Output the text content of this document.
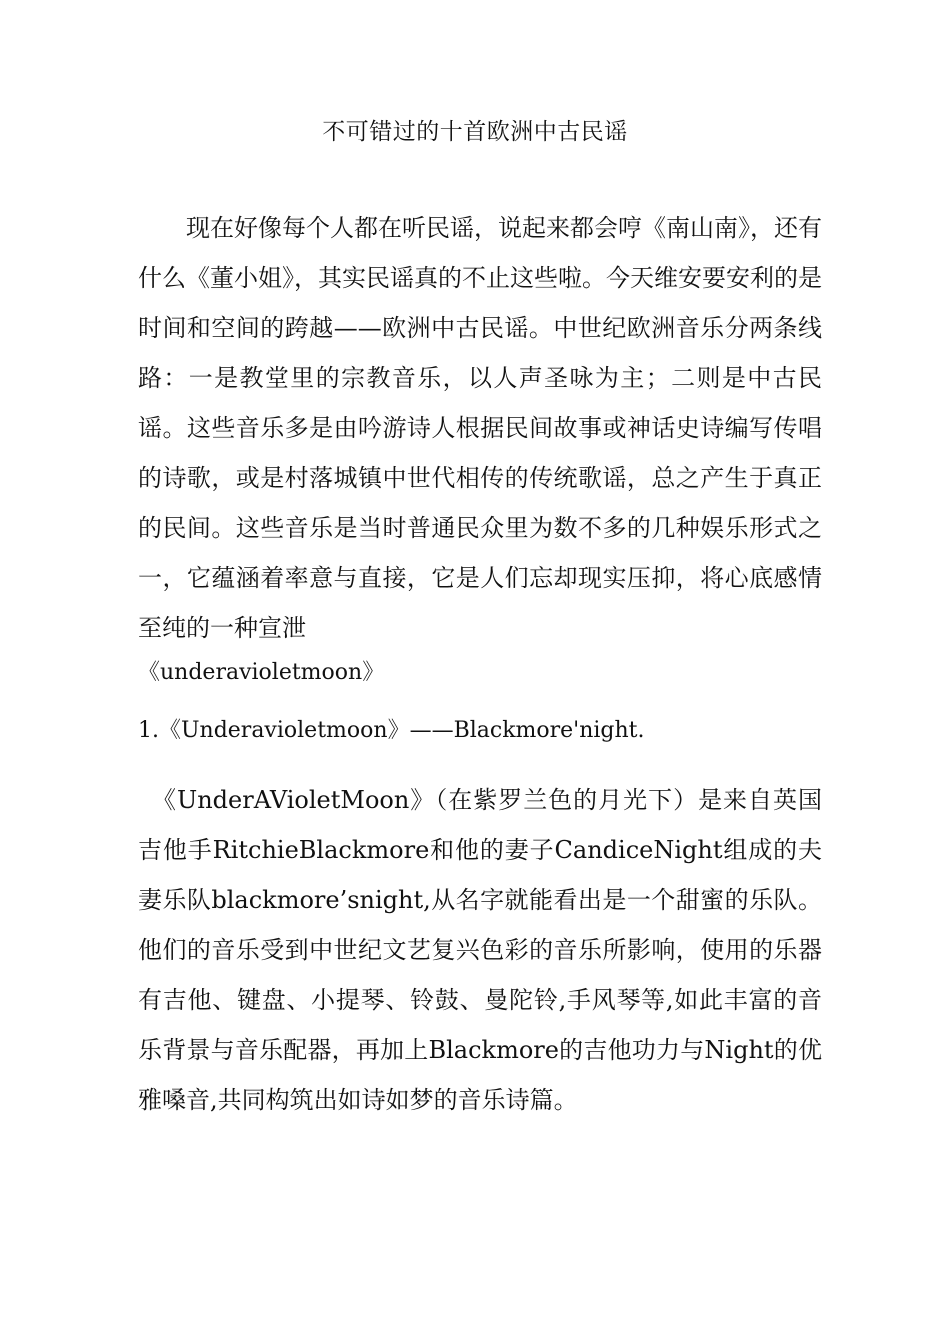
不可错过的十首欧洲中古民谣

现在好像每个人都在听民谣，说起来都会哼《南山南》，还有什么《董小姐》，其实民谣真的不止这些啦。今天维安要安利的是时间和空间的跨越——欧洲中古民谣。中世纪欧洲音乐分两条线路：一是教堂里的宗教音乐，以人声圣咏为主；二则是中古民谣。这些音乐多是由吟游诗人根据民间故事或神话史诗编写传唱的诗歌，或是村落城镇中世代相传的传统歌谣，总之产生于真正的民间。这些音乐是当时普通民众里为数不多的几种娱乐形式之一，它蕴涵着率意与直接，它是人们忘却现实压抑，将心底感情至纯的一种宣泄

《underavioletmoon》
1.《Underavioletmoon》——Blackmore'night.

《UnderAVioletMoon》（在紫罗兰色的月光下）是来自英国吉他手RitchieBlackmore和他的妻子CandiceNight组成的夫妻乐队blackmore’snight,从名字就能看出是一个甜蜜的乐队。他们的音乐受到中世纪文艺复兴色彩的音乐所影响，使用的乐器有吉他、键盘、小提琴、铃鼓、曼陀铃,手风琴等,如此丰富的音乐背景与音乐配器，再加上Blackmore的吉他功力与Night的优雅嗓音,共同构筑出如诗如梦的音乐诗篇。
